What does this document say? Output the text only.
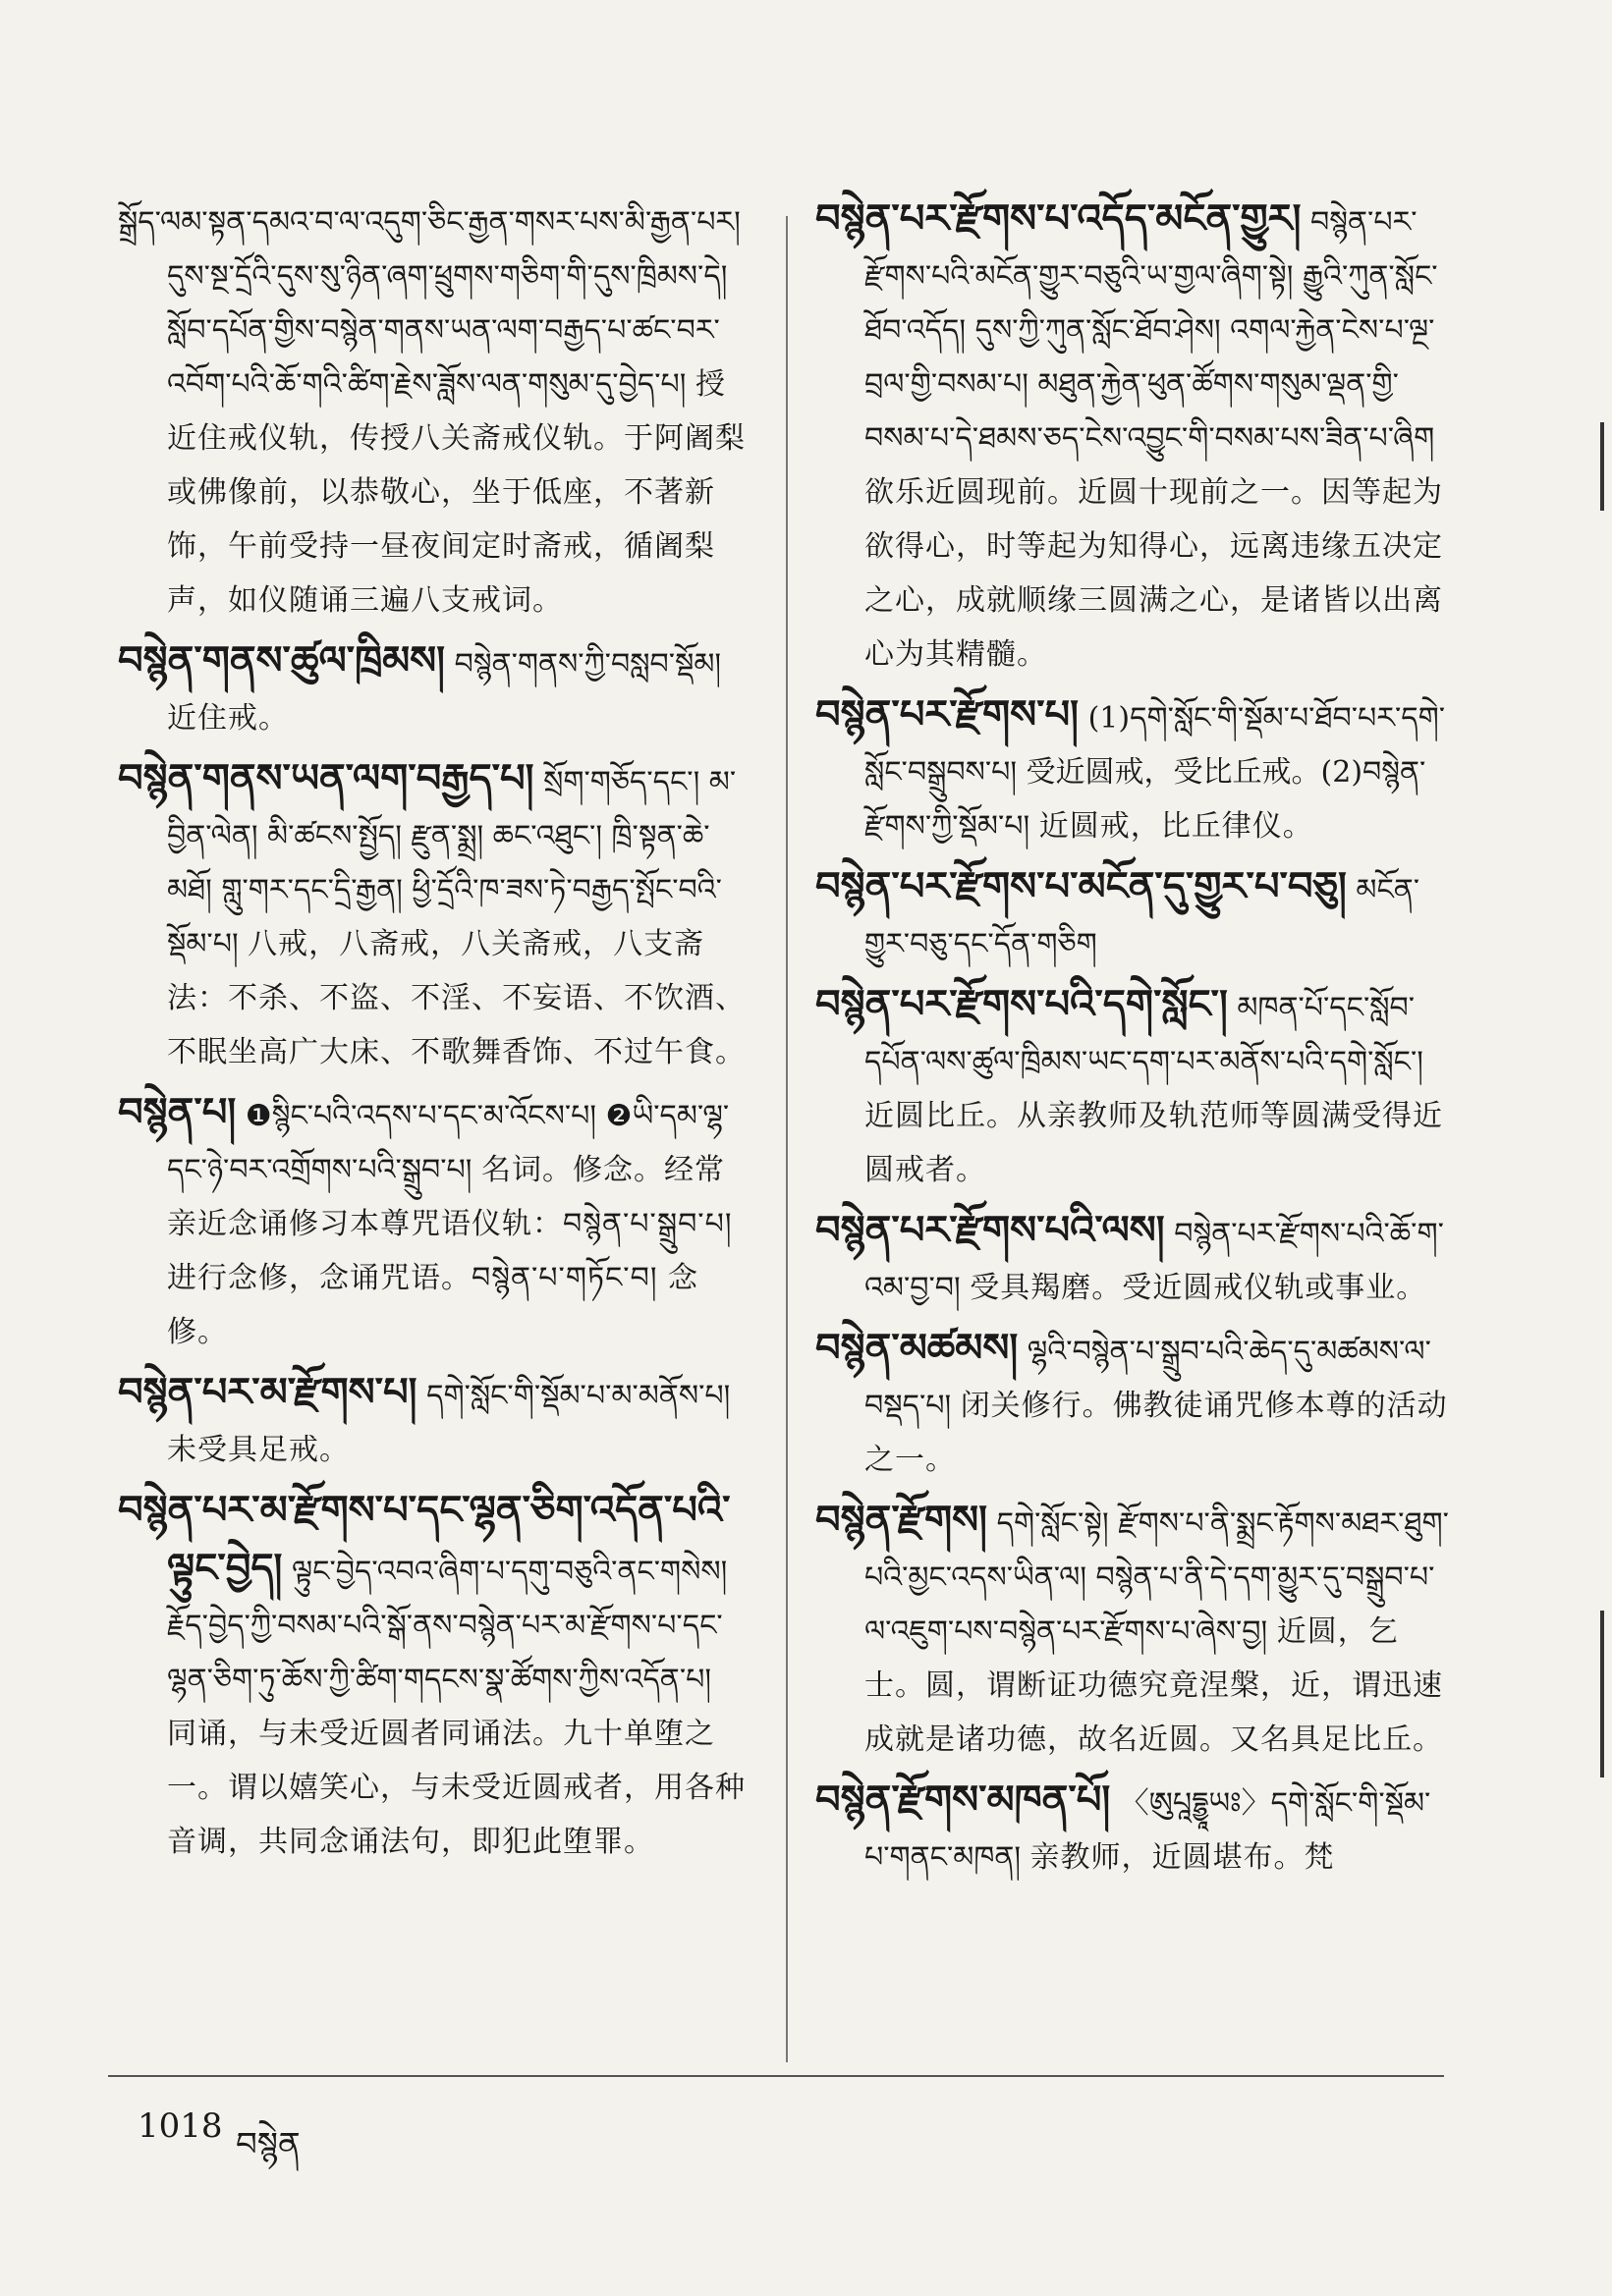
སྒྲོད་ལམ་སྟན་དམའ་བ་ལ་འདུག་ཅིང་རྒྱན་གསར་པས་མི་རྒྱན་པར། དུས་སྔ་དྲོའི་དུས་སུ་ཉིན་ཞག་ཕྲུགས་གཅིག་གི་དུས་ཁྲིམས་དེ། སློབ་དཔོན་གྱིས་བསྙེན་གནས་ཡན་ལག་བརྒྱད་པ་ཚང་བར་འབོག་པའི་ཆོ་གའི་ཚིག་རྗེས་ཟློས་ལན་གསུམ་དུ་བྱེད་པ། 授近住戒仪轨，传授八关斋戒仪轨。于阿阇梨或佛像前，以恭敬心，坐于低座，不著新饰，午前受持一昼夜间定时斋戒，循阇梨声，如仪随诵三遍八支戒词。

བསྙེན་གནས་ཚུལ་ཁྲིམས། བསྙེན་གནས་ཀྱི་བསླབ་སྡོམ། 近住戒。

བསྙེན་གནས་ཡན་ལག་བརྒྱད་པ། སྲོག་གཅོད་དང་། མ་བྱིན་ལེན། མི་ཚངས་སྤྱོད། རྫུན་སྨྲ། ཆང་འཐུང་། ཁྲི་སྟན་ཆེ་མཐོ། གླུ་གར་དང་དྲི་རྒྱན། ཕྱི་དྲོའི་ཁ་ཟས་ཏེ་བརྒྱད་སྤོང་བའི་སྡོམ་པ། 八戒，八斋戒，八关斋戒，八支斋法：不杀、不盗、不淫、不妄语、不饮酒、不眠坐高广大床、不歌舞香饰、不过午食。

བསྙེན་པ། ❶སྙིང་པའི་འདས་པ་དང་མ་འོངས་པ། ❷ཡི་དམ་ལྷ་དང་ཉེ་བར་འགྲོགས་པའི་སྒྲུབ་པ། 名词。修念。经常亲近念诵修习本尊咒语仪轨：བསྙེན་པ་སྒྲུབ་པ། 进行念修，念诵咒语。བསྙེན་པ་གཏོང་བ། 念修。

བསྙེན་པར་མ་རྫོགས་པ། དགེ་སློང་གི་སྡོམ་པ་མ་མནོས་པ། 未受具足戒。

བསྙེན་པར་མ་རྫོགས་པ་དང་ལྷན་ཅིག་འདོན་པའི་ལྟུང་བྱེད། ལྟུང་བྱེད་འབའ་ཞིག་པ་དགུ་བཅུའི་ནང་གསེས། རྗོད་བྱེད་ཀྱི་བསམ་པའི་སྒོ་ནས་བསྙེན་པར་མ་རྫོགས་པ་དང་ལྷན་ཅིག་ཏུ་ཆོས་ཀྱི་ཚིག་གདངས་སྣ་ཚོགས་ཀྱིས་འདོན་པ། 同诵，与未受近圆者同诵法。九十单堕之一。谓以嬉笑心，与未受近圆戒者，用各种音调，共同念诵法句，即犯此堕罪。

བསྙེན་པར་རྫོགས་པ་འདོད་མངོན་གྱུར། བསྙེན་པར་རྫོགས་པའི་མངོན་གྱུར་བཅུའི་ཡ་གྱལ་ཞིག་སྟེ། རྒྱུའི་ཀུན་སློང་ཐོབ་འདོད། དུས་ཀྱི་ཀུན་སློང་ཐོབ་ཤེས། འགལ་རྐྱེན་ངེས་པ་ལྔ་བྲལ་གྱི་བསམ་པ། མཐུན་རྐྱེན་ཕུན་ཚོགས་གསུམ་ལྡན་གྱི་བསམ་པ་དེ་ཐམས་ཅད་ངེས་འབྱུང་གི་བསམ་པས་ཟིན་པ་ཞིག 欲乐近圆现前。近圆十现前之一。因等起为欲得心，时等起为知得心，远离违缘五决定之心，成就顺缘三圆满之心，是诸皆以出离心为其精髓。

བསྙེན་པར་རྫོགས་པ། (1)དགེ་སློང་གི་སྡོམ་པ་ཐོབ་པར་དགེ་སློང་བསྒྲུབས་པ། 受近圆戒，受比丘戒。(2)བསྙེན་རྫོགས་ཀྱི་སྡོམ་པ། 近圆戒，比丘律仪。

བསྙེན་པར་རྫོགས་པ་མངོན་དུ་གྱུར་པ་བཅུ། མངོན་གྱུར་བཅུ་དང་དོན་གཅིག

བསྙེན་པར་རྫོགས་པའི་དགེ་སློང་། མཁན་པོ་དང་སློབ་དཔོན་ལས་ཚུལ་ཁྲིམས་ཡང་དག་པར་མནོས་པའི་དགེ་སློང་། 近圆比丘。从亲教师及轨范师等圆满受得近圆戒者。

བསྙེན་པར་རྫོགས་པའི་ལས། བསྙེན་པར་རྫོགས་པའི་ཆོ་ག་འམ་བྱ་བ། 受具羯磨。受近圆戒仪轨或事业。

བསྙེན་མཚམས། ལྷའི་བསྙེན་པ་སྒྲུབ་པའི་ཆེད་དུ་མཚམས་ལ་བསྡད་པ། 闭关修行。佛教徒诵咒修本尊的活动之一。

བསྙེན་རྫོགས། དགེ་སློང་སྟེ། རྫོགས་པ་ནི་སྨྲང་རྟོགས་མཐར་ཐུག་པའི་མྱང་འདས་ཡིན་ལ། བསྙེན་པ་ནི་དེ་དག་མྱུར་དུ་བསྒྲུབ་པ་ལ་འཇུག་པས་བསྙེན་པར་རྫོགས་པ་ཞེས་བྱ། 近圆，乞士。圆，谓断证功德究竟涅槃，近，谓迅速成就是诸功德，故名近圆。又名具足比丘。

བསྙེན་རྫོགས་མཁན་པོ། 〈ཨུཔཱདྷྱཱཡཿ〉དགེ་སློང་གི་སྡོམ་པ་གནང་མཁན། 亲教师，近圆堪布。梵

1018 བསྙེན
